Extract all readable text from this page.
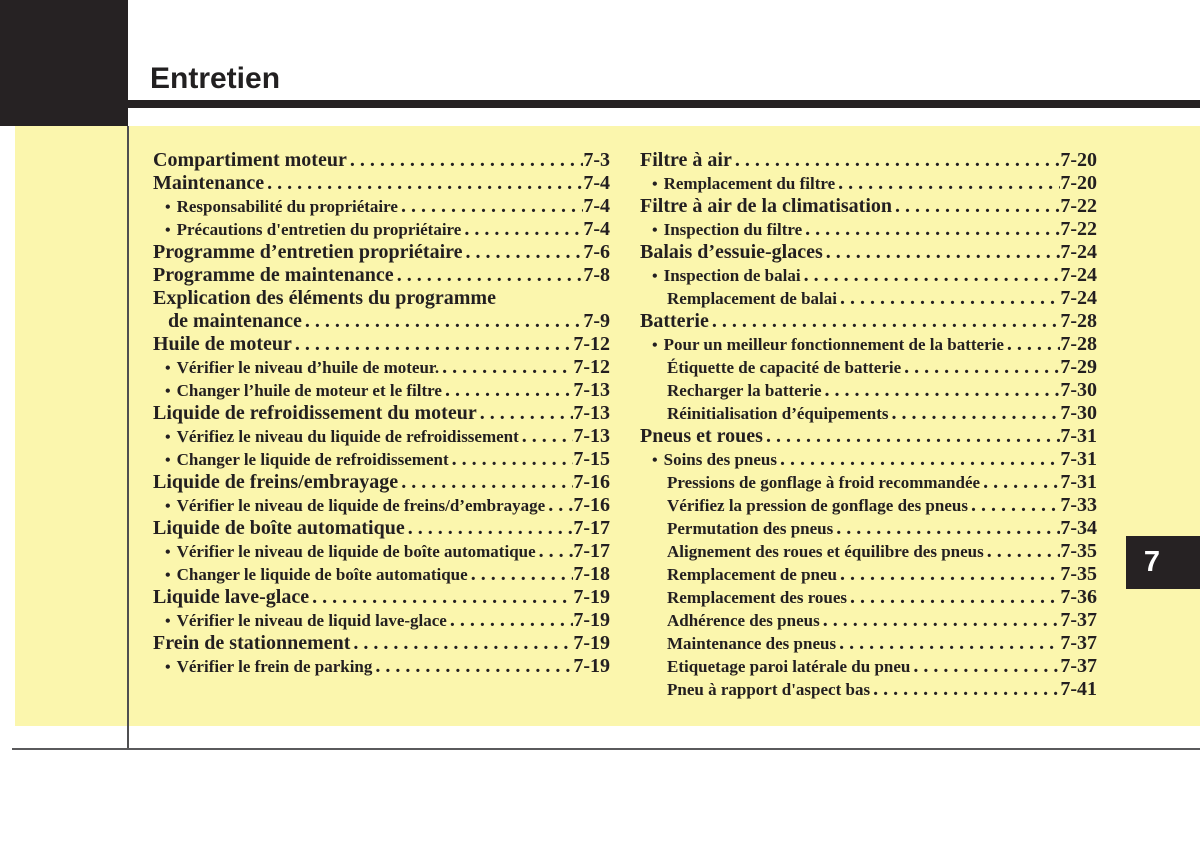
Entretien
7
Compartiment moteur . . .	7-3
Maintenance . . .	7-4
• Responsabilité du propriétaire . . .	7-4
• Précautions d'entretien du propriétaire . . .	7-4
Programme d’entretien propriétaire . . .	7-6
Programme de maintenance . . .	7-8
Explication des éléments du programme
de maintenance . . .	7-9
Huile de moteur . . .	7-12
• Vérifier le niveau d’huile de moteur. . . .	7-12
• Changer l’huile de moteur et le filtre . . .	7-13
Liquide de refroidissement du moteur . . .	7-13
• Vérifiez le niveau du liquide de refroidissement . . .	7-13
• Changer le liquide de refroidissement . . .	7-15
Liquide de freins/embrayage . . .	7-16
• Vérifier le niveau de liquide de freins/d’embrayage . . . 7-16
Liquide de boîte automatique . . .	7-17
• Vérifier le niveau de liquide de boîte automatique . . . 7-17
• Changer le liquide de boîte automatique . . .	7-18
Liquide lave-glace . . .	7-19
• Vérifier le niveau de liquid lave-glace . . .	7-19
Frein de stationnement . . .	7-19
• Vérifier le frein de parking . . .	7-19
Filtre à air . . .	7-20
• Remplacement du filtre . . .	7-20
Filtre à air de la climatisation . . .	7-22
• Inspection du filtre . . .	7-22
Balais d’essuie-glaces . . .	7-24
• Inspection de balai . . .	7-24
Remplacement de balai . . .	7-24
Batterie . . .	7-28
• Pour un meilleur fonctionnement de la batterie . . .	7-28
Étiquette de capacité de batterie . . .	7-29
Recharger la batterie . . .	7-30
Réinitialisation d’équipements . . .	7-30
Pneus et roues . . .	7-31
• Soins des pneus . . .	7-31
Pressions de gonflage à froid recommandée . . .	7-31
Vérifiez la pression de gonflage des pneus . . .	7-33
Permutation des pneus . . .	7-34
Alignement des roues et équilibre des pneus . . .	7-35
Remplacement de pneu . . .	7-35
Remplacement des roues . . .	7-36
Adhérence des pneus . . .	7-37
Maintenance des pneus . . .	7-37
Etiquetage paroi latérale du pneu . . .	7-37
Pneu à rapport d'aspect bas . . .	7-41
